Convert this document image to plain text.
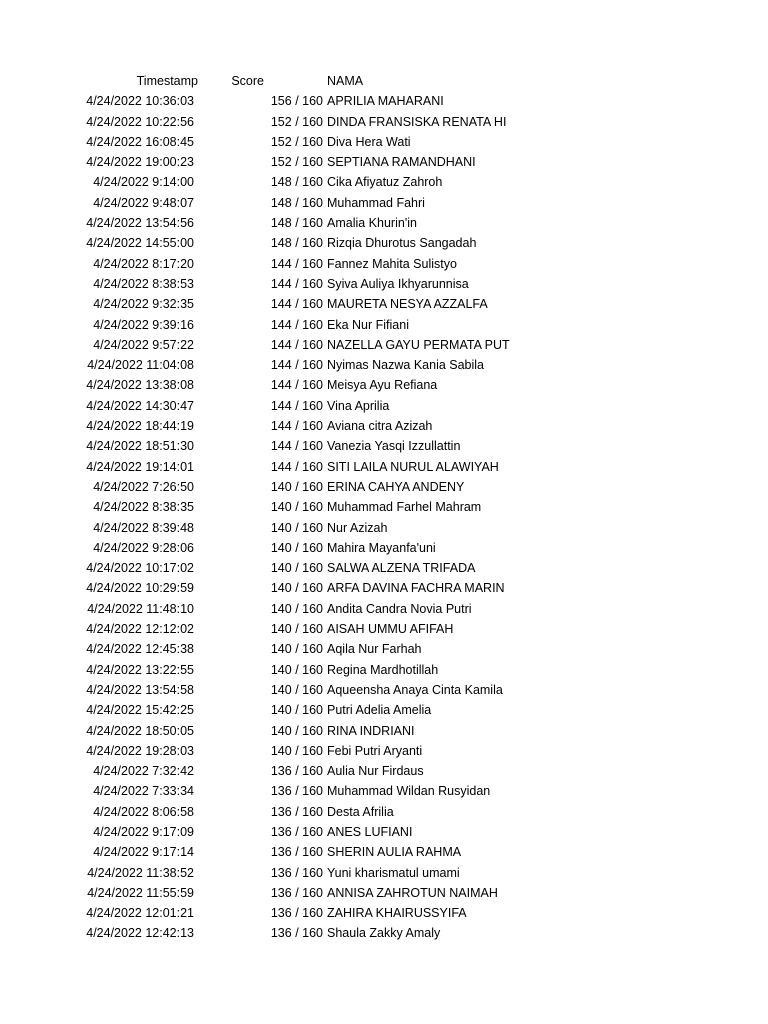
Timestamp	Score	NAMA
4/24/2022 10:36:03	156 / 160 APRILIA MAHARANI
4/24/2022 10:22:56	152 / 160 DINDA FRANSISKA RENATA HI
4/24/2022 16:08:45	152 / 160 Diva Hera Wati
4/24/2022 19:00:23	152 / 160 SEPTIANA RAMANDHANI
4/24/2022 9:14:00	148 / 160 Cika Afiyatuz Zahroh
4/24/2022 9:48:07	148 / 160 Muhammad Fahri
4/24/2022 13:54:56	148 / 160 Amalia Khurin'in
4/24/2022 14:55:00	148 / 160 Rizqia Dhurotus Sangadah
4/24/2022 8:17:20	144 / 160 Fannez Mahita Sulistyo
4/24/2022 8:38:53	144 / 160 Syiva Auliya Ikhyarunnisa
4/24/2022 9:32:35	144 / 160 MAURETA NESYA AZZALFA
4/24/2022 9:39:16	144 / 160 Eka Nur Fifiani
4/24/2022 9:57:22	144 / 160 NAZELLA GAYU PERMATA PUT
4/24/2022 11:04:08	144 / 160 Nyimas Nazwa Kania Sabila
4/24/2022 13:38:08	144 / 160 Meisya Ayu Refiana
4/24/2022 14:30:47	144 / 160 Vina Aprilia
4/24/2022 18:44:19	144 / 160 Aviana citra Azizah
4/24/2022 18:51:30	144 / 160 Vanezia Yasqi Izzullattin
4/24/2022 19:14:01	144 / 160 SITI LAILA NURUL ALAWIYAH
4/24/2022 7:26:50	140 / 160 ERINA CAHYA ANDENY
4/24/2022 8:38:35	140 / 160 Muhammad Farhel Mahram
4/24/2022 8:39:48	140 / 160 Nur Azizah
4/24/2022 9:28:06	140 / 160 Mahira Mayanfa'uni
4/24/2022 10:17:02	140 / 160 SALWA ALZENA TRIFADA
4/24/2022 10:29:59	140 / 160 ARFA DAVINA FACHRA MARIN
4/24/2022 11:48:10	140 / 160 Andita Candra Novia Putri
4/24/2022 12:12:02	140 / 160 AISAH UMMU AFIFAH
4/24/2022 12:45:38	140 / 160 Aqila Nur Farhah
4/24/2022 13:22:55	140 / 160 Regina Mardhotillah
4/24/2022 13:54:58	140 / 160 Aqueensha Anaya Cinta Kamila
4/24/2022 15:42:25	140 / 160 Putri Adelia Amelia
4/24/2022 18:50:05	140 / 160 RINA INDRIANI
4/24/2022 19:28:03	140 / 160 Febi Putri Aryanti
4/24/2022 7:32:42	136 / 160 Aulia Nur Firdaus
4/24/2022 7:33:34	136 / 160 Muhammad Wildan Rusyidan
4/24/2022 8:06:58	136 / 160 Desta Afrilia
4/24/2022 9:17:09	136 / 160 ANES LUFIANI
4/24/2022 9:17:14	136 / 160 SHERIN AULIA RAHMA
4/24/2022 11:38:52	136 / 160 Yuni kharismatul umami
4/24/2022 11:55:59	136 / 160 ANNISA ZAHROTUN NAIMAH
4/24/2022 12:01:21	136 / 160 ZAHIRA KHAIRUSSYIFA
4/24/2022 12:42:13	136 / 160 Shaula Zakky Amaly
